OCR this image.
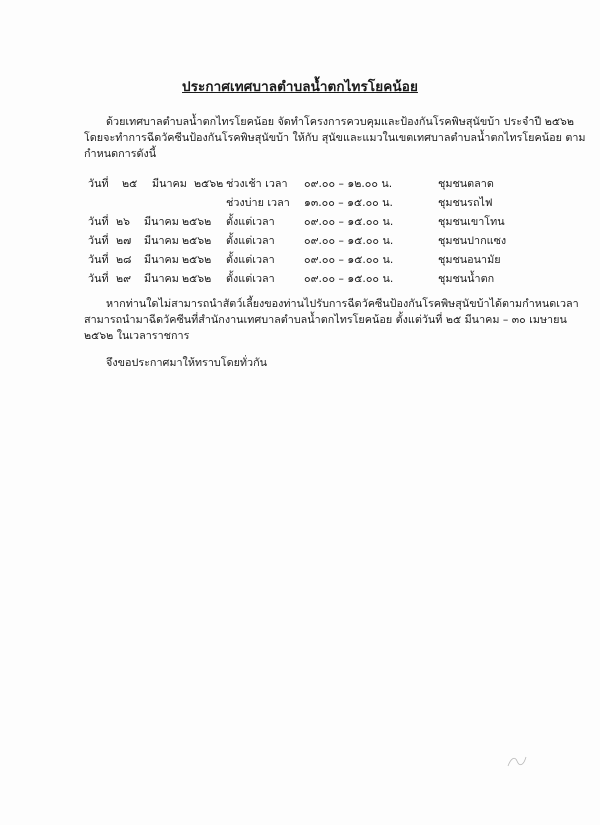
ประกาศเทศบาลตำบลน้ำตกไทรโยคน้อย
ด้วยเทศบาลตำบลน้ำตกไทรโยคน้อย จัดทำโครงการควบคุมและป้องกันโรคพิษสุนัขบ้า ประจำปี ๒๕๖๒
โดยจะทำการฉีดวัคซีนป้องกันโรคพิษสุนัขบ้า ให้กับ สุนัขและแมวในเขตเทศบาลตำบลน้ำตกไทรโยคน้อย ตาม
กำหนดการดังนี้
วันที่ ๒๕ มีนาคม ๒๕๖๒ ช่วงเช้า เวลา ๐๙.๐๐ – ๑๒.๐๐ น.	ชุมชนตลาด
ช่วงบ่าย เวลา ๑๓.๐๐ – ๑๕.๐๐ น.	ชุมชนรถไฟ
วันที่ ๒๖ มีนาคม ๒๕๖๒ ตั้งแต่เวลา	๐๙.๐๐ – ๑๕.๐๐ น.	ชุมชนเขาโทน
วันที่ ๒๗ มีนาคม ๒๕๖๒ ตั้งแต่เวลา	๐๙.๐๐ – ๑๕.๐๐ น.	ชุมชนปากแซง
วันที่ ๒๘ มีนาคม ๒๕๖๒ ตั้งแต่เวลา	๐๙.๐๐ – ๑๕.๐๐ น.	ชุมชนอนามัย
วันที่ ๒๙ มีนาคม ๒๕๖๒ ตั้งแต่เวลา	๐๙.๐๐ – ๑๕.๐๐ น.	ชุมชนน้ำตก
หากท่านใดไม่สามารถนำสัตว์เลี้ยงของท่านไปรับการฉีดวัคซีนป้องกันโรคพิษสุนัขบ้าได้ตามกำหนดเวลา
สามารถนำมาฉีดวัคซีนที่สำนักงานเทศบาลตำบลน้ำตกไทรโยคน้อย ตั้งแต่วันที่ ๒๕ มีนาคม – ๓๐ เมษายน
๒๕๖๒ ในเวลาราชการ
จึงขอประกาศมาให้ทราบโดยทั่วกัน
